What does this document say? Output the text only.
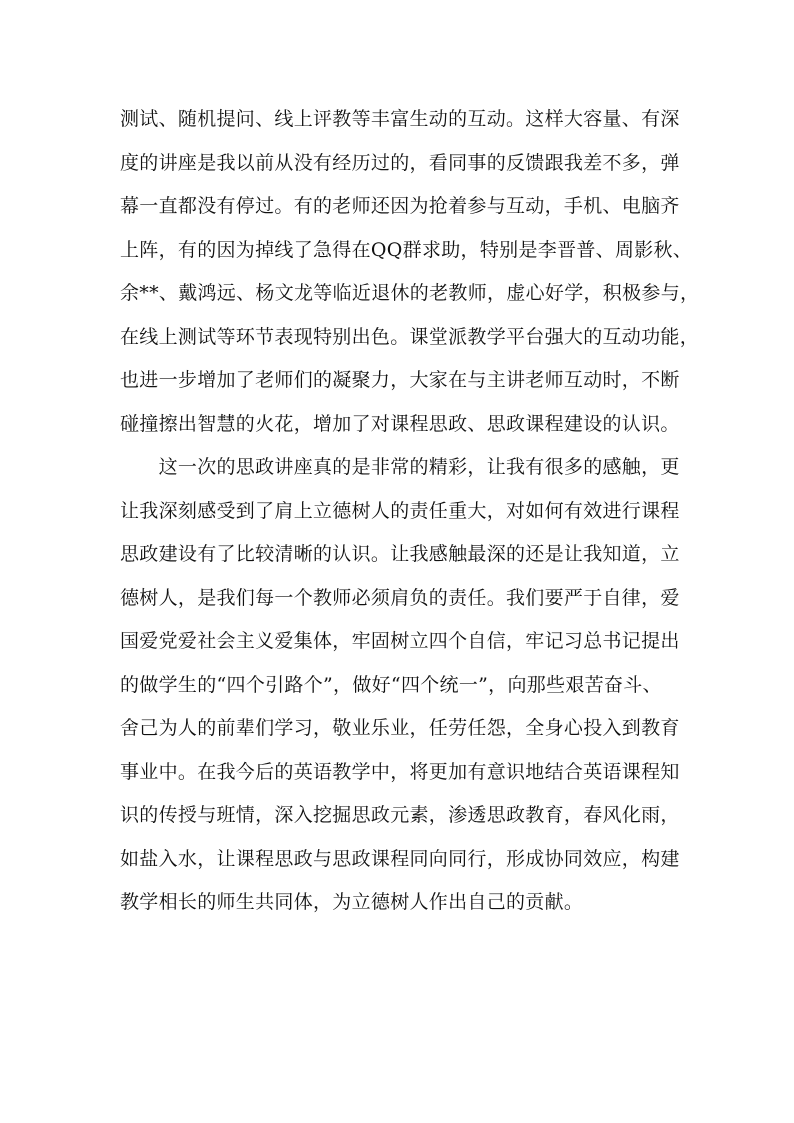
测试、随机提问、线上评教等丰富生动的互动。这样大容量、有深
度的讲座是我以前从没有经历过的，看同事的反馈跟我差不多，弹
幕一直都没有停过。有的老师还因为抢着参与互动，手机、电脑齐
上阵，有的因为掉线了急得在QQ群求助，特别是李晋普、周影秋、
余**、戴鸿远、杨文龙等临近退休的老教师，虚心好学，积极参与，
在线上测试等环节表现特别出色。课堂派教学平台强大的互动功能，
也进一步增加了老师们的凝聚力，大家在与主讲老师互动时，不断
碰撞擦出智慧的火花，增加了对课程思政、思政课程建设的认识。
　　这一次的思政讲座真的是非常的精彩，让我有很多的感触，更
让我深刻感受到了肩上立德树人的责任重大，对如何有效进行课程
思政建设有了比较清晰的认识。让我感触最深的还是让我知道，立
德树人，是我们每一个教师必须肩负的责任。我们要严于自律，爱
国爱党爱社会主义爱集体，牢固树立四个自信，牢记习总书记提出
的做学生的“四个引路个”，做好“四个统一”，向那些艰苦奋斗、
舍己为人的前辈们学习，敬业乐业，任劳任怨，全身心投入到教育
事业中。在我今后的英语教学中，将更加有意识地结合英语课程知
识的传授与班情，深入挖掘思政元素，渗透思政教育，春风化雨，
如盐入水，让课程思政与思政课程同向同行，形成协同效应，构建
教学相长的师生共同体，为立德树人作出自己的贡献。
